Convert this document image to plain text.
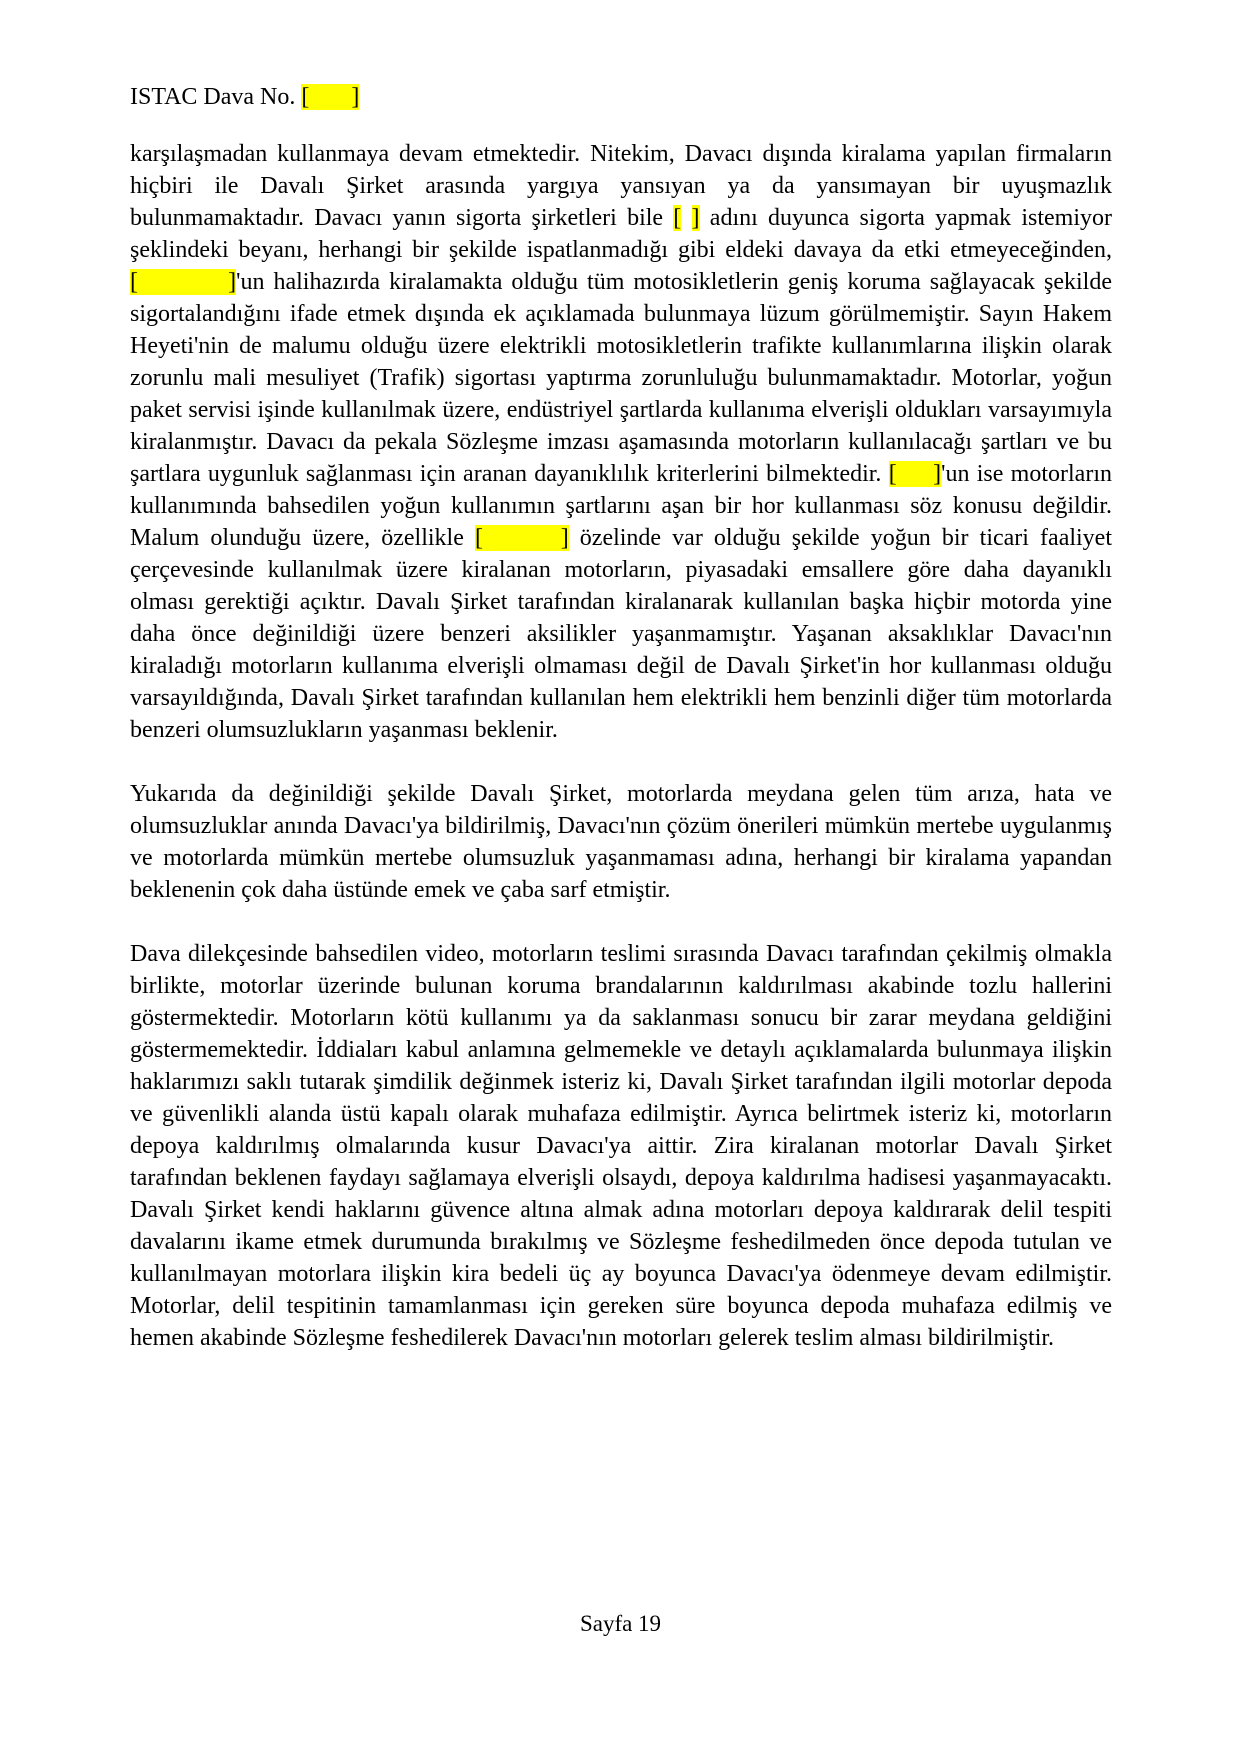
ISTAC Dava No. [       ]

karşılaşmadan kullanmaya devam etmektedir. Nitekim, Davacı dışında kiralama yapılan firmaların hiçbiri ile Davalı Şirket arasında yargıya yansıyan ya da yansımayan bir uyuşmazlık bulunmamaktadır. Davacı yanın sigorta şirketleri bile [ ] adını duyunca sigorta yapmak istemiyor şeklindeki beyanı, herhangi bir şekilde ispatlanmadığı gibi eldeki davaya da etki etmeyeceğinden, [          ]'un halihazırda kiralamakta olduğu tüm motosikletlerin geniş koruma sağlayacak şekilde sigortalandığını ifade etmek dışında ek açıklamada bulunmaya lüzum görülmemiştir. Sayın Hakem Heyeti'nin de malumu olduğu üzere elektrikli motosikletlerin trafikte kullanımlarına ilişkin olarak zorunlu mali mesuliyet (Trafik) sigortası yaptırma zorunluluğu bulunmamaktadır. Motorlar, yoğun paket servisi işinde kullanılmak üzere, endüstriyel şartlarda kullanıma elverişli oldukları varsayımıyla kiralanmıştır. Davacı da pekala Sözleşme imzası aşamasında motorların kullanılacağı şartları ve bu şartlara uygunluk sağlanması için aranan dayanıklılık kriterlerini bilmektedir. [     ]'un ise motorların kullanımında bahsedilen yoğun kullanımın şartlarını aşan bir hor kullanması söz konusu değildir. Malum olunduğu üzere, özellikle [       ] özelinde var olduğu şekilde yoğun bir ticari faaliyet çerçevesinde kullanılmak üzere kiralanan motorların, piyasadaki emsallere göre daha dayanıklı olması gerektiği açıktır. Davalı Şirket tarafından kiralanarak kullanılan başka hiçbir motorda yine daha önce değinildiği üzere benzeri aksilikler yaşanmamıştır. Yaşanan aksaklıklar Davacı'nın kiraladığı motorların kullanıma elverişli olmaması değil de Davalı Şirket'in hor kullanması olduğu varsayıldığında, Davalı Şirket tarafından kullanılan hem elektrikli hem benzinli diğer tüm motorlarda benzeri olumsuzlukların yaşanması beklenir.

Yukarıda da değinildiği şekilde Davalı Şirket, motorlarda meydana gelen tüm arıza, hata ve olumsuzluklar anında Davacı'ya bildirilmiş, Davacı'nın çözüm önerileri mümkün mertebe uygulanmış ve motorlarda mümkün mertebe olumsuzluk yaşanmaması adına, herhangi bir kiralama yapandan beklenenin çok daha üstünde emek ve çaba sarf etmiştir.

Dava dilekçesinde bahsedilen video, motorların teslimi sırasında Davacı tarafından çekilmiş olmakla birlikte, motorlar üzerinde bulunan koruma brandalarının kaldırılması akabinde tozlu hallerini göstermektedir. Motorların kötü kullanımı ya da saklanması sonucu bir zarar meydana geldiğini göstermemektedir. İddiaları kabul anlamına gelmemekle ve detaylı açıklamalarda bulunmaya ilişkin haklarımızı saklı tutarak şimdilik değinmek isteriz ki, Davalı Şirket tarafından ilgili motorlar depoda ve güvenlikli alanda üstü kapalı olarak muhafaza edilmiştir. Ayrıca belirtmek isteriz ki, motorların depoya kaldırılmış olmalarında kusur Davacı'ya aittir. Zira kiralanan motorlar Davalı Şirket tarafından beklenen faydayı sağlamaya elverişli olsaydı, depoya kaldırılma hadisesi yaşanmayacaktı. Davalı Şirket kendi haklarını güvence altına almak adına motorları depoya kaldırarak delil tespiti davalarını ikame etmek durumunda bırakılmış ve Sözleşme feshedilmeden önce depoda tutulan ve kullanılmayan motorlara ilişkin kira bedeli üç ay boyunca Davacı'ya ödenmeye devam edilmiştir. Motorlar, delil tespitinin tamamlanması için gereken süre boyunca depoda muhafaza edilmiş ve hemen akabinde Sözleşme feshedilerek Davacı'nın motorları gelerek teslim alması bildirilmiştir.

Sayfa 19
